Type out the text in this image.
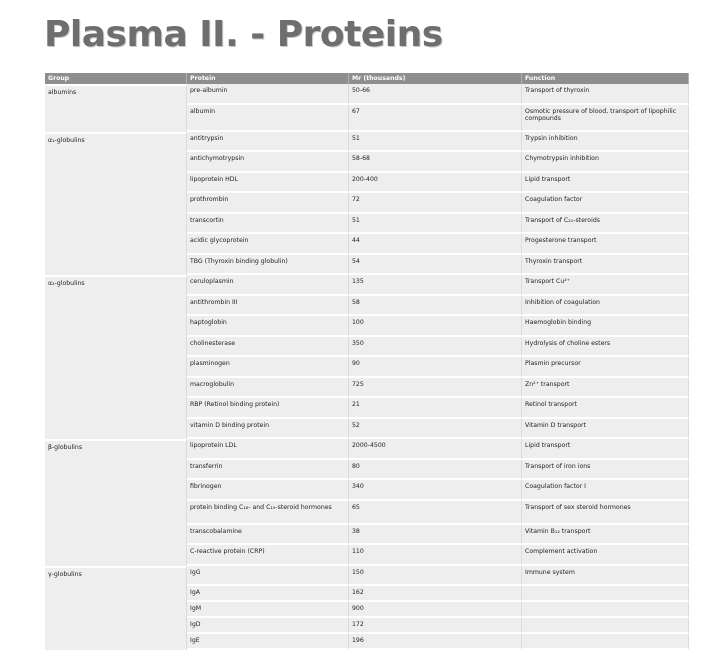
Plasma II. - Proteins
Group	Protein	Mr (thousands)	Function
albumins	pre-albumin	50-66	Transport of thyroxin
	albumin	67	Osmotic pressure of blood, transport of lipophilic compounds
α₁-globulins	antitrypsin	51	Trypsin inhibition
	antichymotrypsin	58-68	Chymotrypsin inhibition
	lipoprotein HDL	200-400	Lipid transport
	prothrombin	72	Coagulation factor
	transcortin	51	Transport of C₂₁-steroids
	acidic glycoprotein	44	Progesterone transport
	TBG (Thyroxin binding globulin)	54	Thyroxin transport
α₂-globulins	ceruloplasmin	135	Transport Cu²⁺
	antithrombin III	58	Inhibition of coagulation
	haptoglobin	100	Haemoglobin binding
	cholinesterase	350	Hydrolysis of choline esters
	plasminogen	90	Plasmin precursor
	macroglobulin	725	Zn²⁺ transport
	RBP (Retinol binding protein)	21	Retinol transport
	vitamin D binding protein	52	Vitamin D transport
β-globulins	lipoprotein LDL	2000-4500	Lipid transport
	transferrin	80	Transport of iron ions
	fibrinogen	340	Coagulation factor I
	protein binding C₁₈- and C₁₉-steroid hormones	65	Transport of sex steroid hormones
	transcobalamine	38	Vitamin B₁₂ transport
	C-reactive protein (CRP)	110	Complement activation
γ-globulins	IgG	150	Immune system
	IgA	162	
	IgM	900	
	IgD	172	
	IgE	196	
